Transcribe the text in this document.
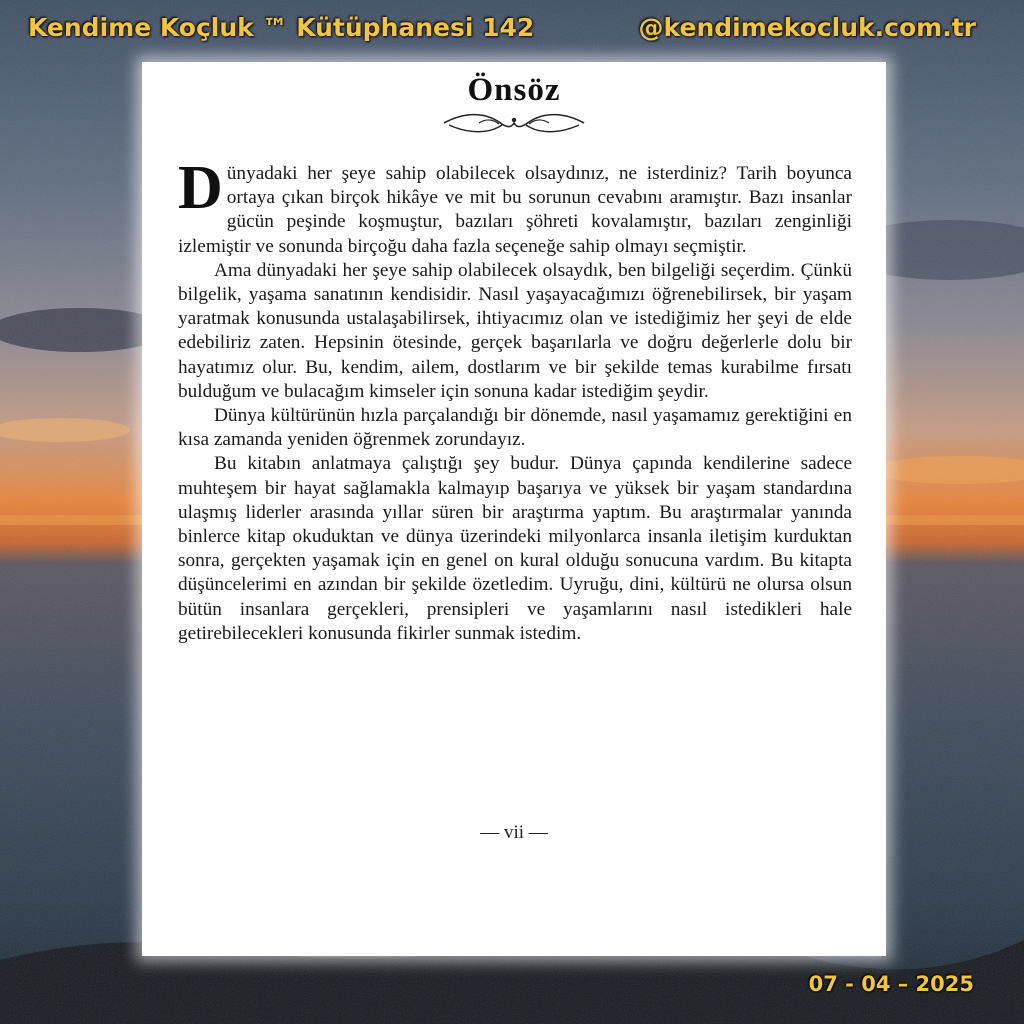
Kendime Koçluk ™ Kütüphanesi 142	@kendimekocluk.com.tr
Önsöz

Dünyadaki her şeye sahip olabilecek olsaydınız, ne isterdiniz? Tarih boyunca ortaya çıkan birçok hikâye ve mit bu sorunun cevabını aramıştır. Bazı insanlar gücün peşinde koşmuştur, bazıları şöhreti kovalamıştır, bazıları zenginliği izlemiştir ve sonunda birçoğu daha fazla seçeneğe sahip olmayı seçmiştir.

Ama dünyadaki her şeye sahip olabilecek olsaydık, ben bilgeliği seçerdim. Çünkü bilgelik, yaşama sanatının kendisidir. Nasıl yaşayacağımızı öğrenebilirsek, bir yaşam yaratmak konusunda ustalaşabilirsek, ihtiyacımız olan ve istediğimiz her şeyi de elde edebiliriz zaten. Hepsinin ötesinde, gerçek başarılarla ve doğru değerlerle dolu bir hayatımız olur. Bu, kendim, ailem, dostlarım ve bir şekilde temas kurabilme fırsatı bulduğum ve bulacağım kimseler için sonuna kadar istediğim şeydir.

Dünya kültürünün hızla parçalandığı bir dönemde, nasıl yaşamamız gerektiğini en kısa zamanda yeniden öğrenmek zorundayız.

Bu kitabın anlatmaya çalıştığı şey budur. Dünya çapında kendilerine sadece muhteşem bir hayat sağlamakla kalmayıp başarıya ve yüksek bir yaşam standardına ulaşmış liderler arasında yıllar süren bir araştırma yaptım. Bu araştırmalar yanında binlerce kitap okuduktan ve dünya üzerindeki milyonlarca insanla iletişim kurduktan sonra, gerçekten yaşamak için en genel on kural olduğu sonucuna vardım. Bu kitapta düşüncelerimi en azından bir şekilde özetledim. Uyruğu, dini, kültürü ne olursa olsun bütün insanlara gerçekleri, prensipleri ve yaşamlarını nasıl istedikleri hale getirebilecekleri konusunda fikirler sunmak istedim.

— vii —
07 - 04 – 2025
